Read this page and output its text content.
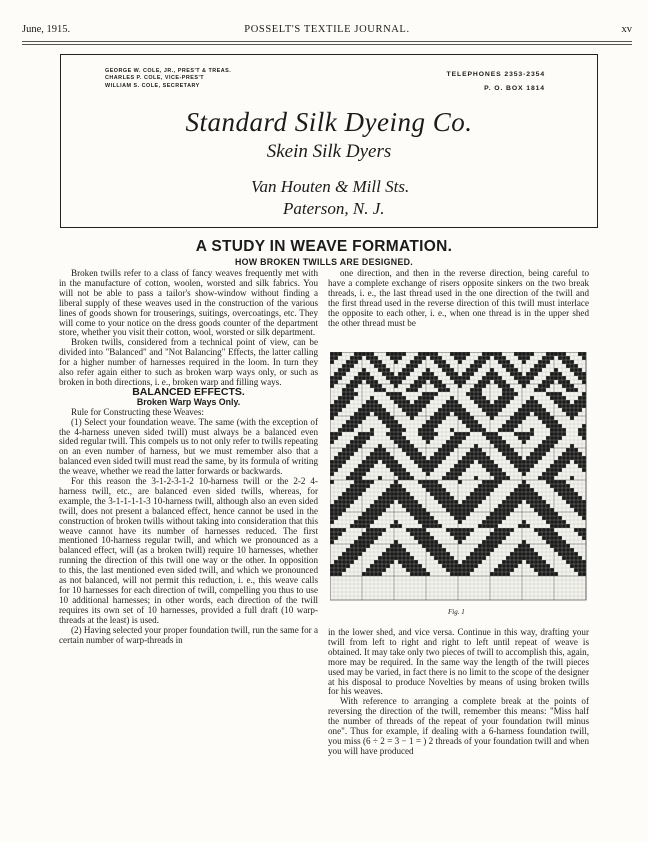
June, 1915.	POSSELT'S TEXTILE JOURNAL.	xv
GEORGE W. COLE, JR., PRES'T & TREAS.
CHARLES P. COLE, VICE-PRES'T
WILLIAM S. COLE, SECRETARY
TELEPHONES 2353-2354
P. O. BOX 1814
Standard Silk Dyeing Co.
Skein Silk Dyers
Van Houten & Mill Sts.
Paterson, N. J.
A STUDY IN WEAVE FORMATION.
HOW BROKEN TWILLS ARE DESIGNED.

Broken twills refer to a class of fancy weaves frequently met with in the manufacture of cotton, woolen, worsted and silk fabrics. You will not be able to pass a tailor's show-window without finding a liberal supply of these weaves used in the construction of the various lines of goods shown for trouserings, suitings, overcoatings, etc. They will come to your notice on the dress goods counter of the department store, whether you visit their cotton, wool, worsted or silk department.

Broken twills, considered from a technical point of view, can be divided into "Balanced" and "Not Balancing" Effects, the latter calling for a higher number of harnesses required in the loom. In turn they also refer again either to such as broken warp ways only, or such as broken in both directions, i. e., broken warp and filling ways.

BALANCED EFFECTS.

Broken Warp Ways Only.

Rule for Constructing these Weaves:

(1) Select your foundation weave. The same (with the exception of the 4-harness uneven sided twill) must always be a balanced even sided regular twill. This compels us to not only refer to twills repeating on an even number of harness, but we must remember also that a balanced even sided twill must read the same, by its formula of writing the weave, whether we read the latter forwards or backwards.

For this reason the 3-1-2-3-1-2 10-harness twill or the 2-2 4-harness twill, etc., are balanced even sided twills, whereas, for example, the 3-1-1-1-1-3 10-harness twill, although also an even sided twill, does not present a balanced effect, hence cannot be used in the construction of broken twills without taking into consideration that this weave cannot have its number of harnesses reduced. The first mentioned 10-harness regular twill, and which we pronounced as a balanced effect, will (as a broken twill) require 10 harnesses, whether running the direction of this twill one way or the other. In opposition to this, the last mentioned even sided twill, and which we pronounced as not balanced, will not permit this reduction, i. e., this weave calls for 10 harnesses for each direction of twill, compelling you thus to use 10 additional harnesses; in other words, each direction of the twill requires its own set of 10 harnesses, provided a full draft (10 warp-threads at the least) is used.

(2) Having selected your proper foundation twill, run the same for a certain number of warp-threads in

one direction, and then in the reverse direction, being careful to have a complete exchange of risers opposite sinkers on the two break threads, i. e., the last thread used in the one direction of the twill and the first thread used in the reverse direction of this twill must interlace the opposite to each other, i. e., when one thread is in the upper shed the other thread must be

Fig. 1

in the lower shed, and vice versa. Continue in this way, drafting your twill from left to right and right to left until repeat of weave is obtained. It may take only two pieces of twill to accomplish this, again, more may be required. In the same way the length of the twill pieces used may be varied, in fact there is no limit to the scope of the designer at his disposal to produce Novelties by means of using broken twills for his weaves.

With reference to arranging a complete break at the points of reversing the direction of the twill, remember this means: "Miss half the number of threads of the repeat of your foundation twill minus one". Thus for example, if dealing with a 6-harness foundation twill, you miss (6 ÷ 2 = 3 − 1 = ) 2 threads of your foundation twill and when you will have produced
